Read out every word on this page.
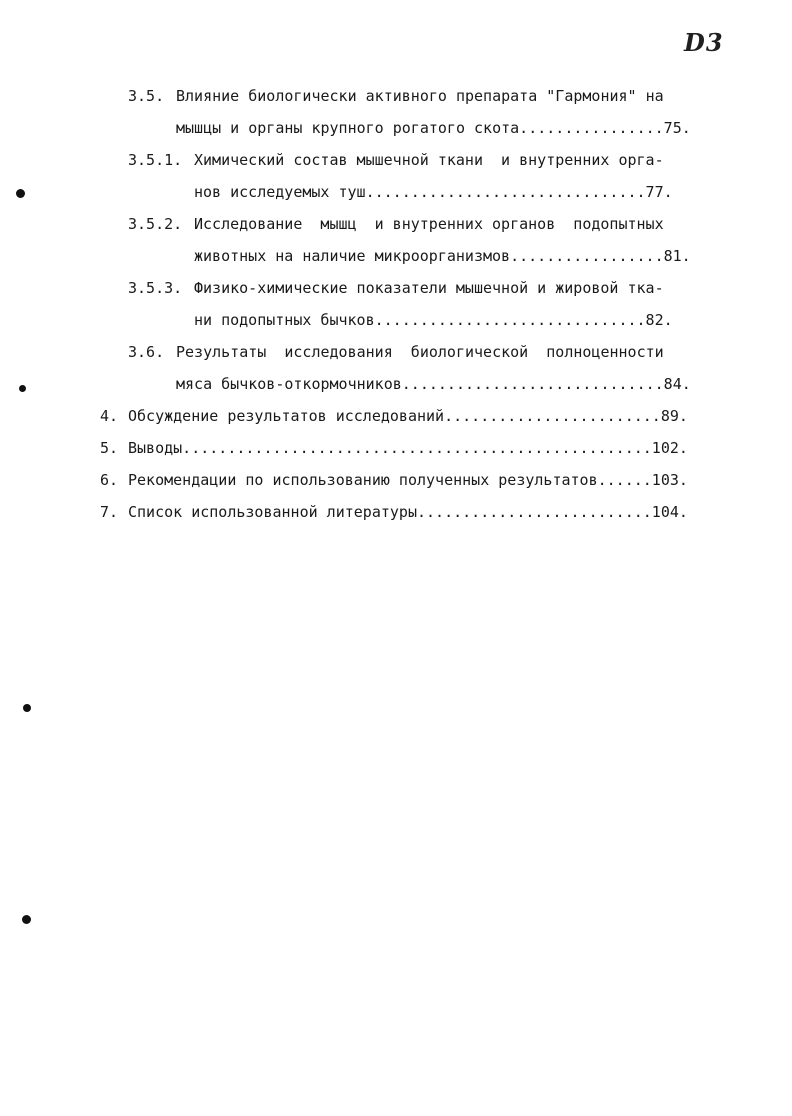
D3
3.5. Влияние биологически активного препарата "Гармония" на
мышцы и органы крупного рогатого скота................75.
3.5.1. Химический состав мышечной ткани  и внутренних орга-
нов исследуемых туш...............................77.
3.5.2. Исследование  мышц  и внутренних органов  подопытных
животных на наличие микроорганизмов.................81.
3.5.3. Физико-химические показатели мышечной и жировой тка-
ни подопытных бычков..............................82.
3.6. Результаты  исследования  биологической  полноценности
мяса бычков-откормочников.............................84.
4. Обсуждение результатов исследований........................89.
5. Выводы....................................................102.
6. Рекомендации по использованию полученных результатов......103.
7. Список использованной литературы..........................104.
